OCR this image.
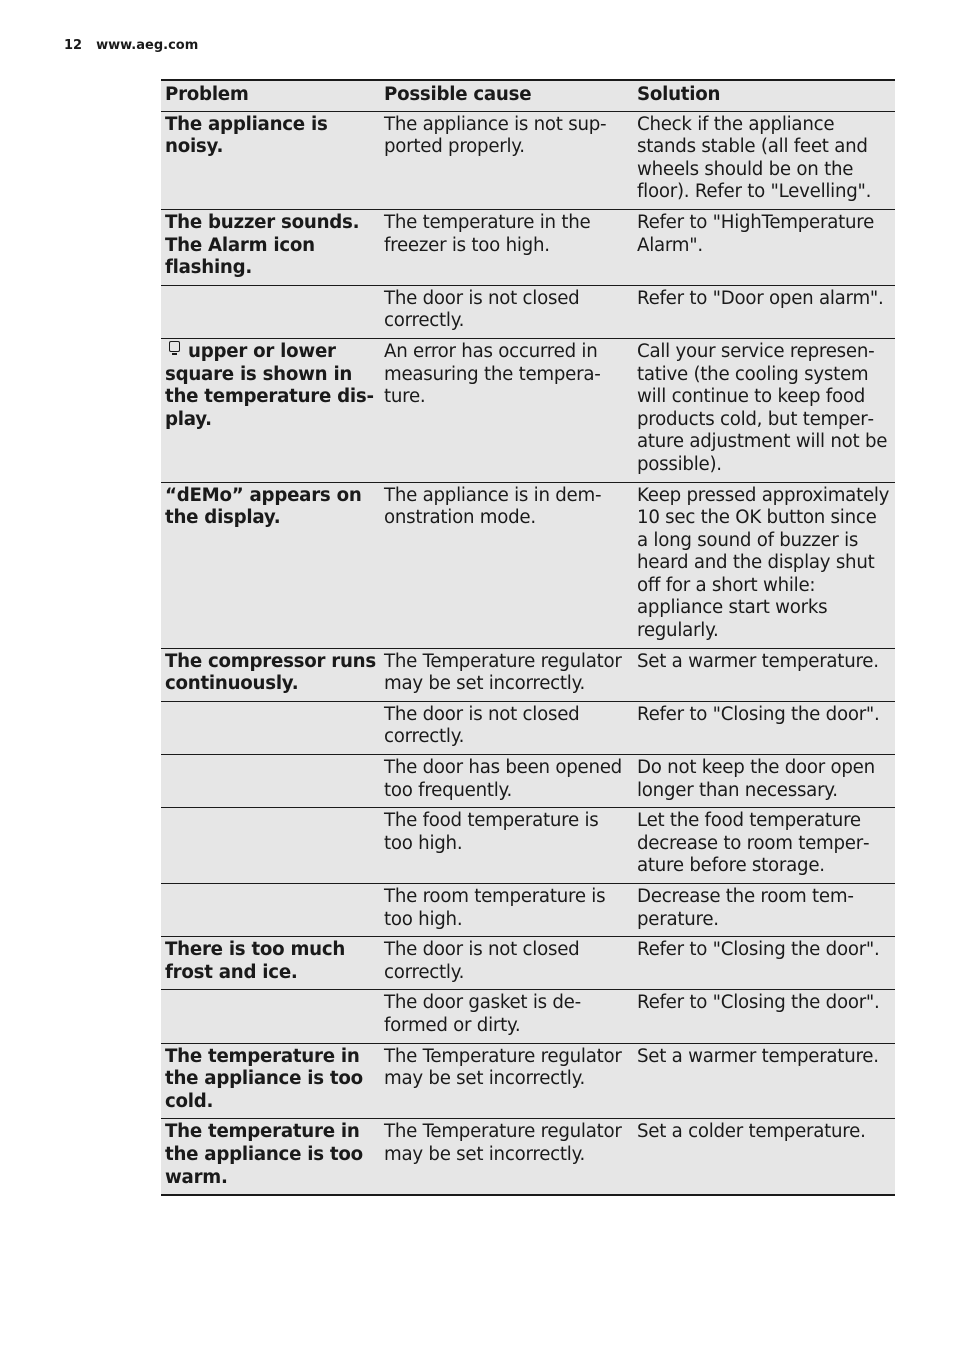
12 www.aeg.com
Problem	Possible cause	Solution
The appliance is noisy.	The appliance is not supported properly.	Check if the appliance stands stable (all feet and wheels should be on the floor). Refer to "Levelling".
The buzzer sounds. The Alarm icon flashing.	The temperature in the freezer is too high.	Refer to "HighTemperature Alarm".
	The door is not closed correctly.	Refer to "Door open alarm".
upper or lower square is shown in the temperature display.	An error has occurred in measuring the temperature.	Call your service representative (the cooling system will continue to keep food products cold, but temperature adjustment will not be possible).
“dEMo” appears on the display.	The appliance is in demonstration mode.	Keep pressed approximately 10 sec the OK button since a long sound of buzzer is heard and the display shut off for a short while: appliance start works regularly.
The compressor runs continuously.	The Temperature regulator may be set incorrectly.	Set a warmer temperature.
	The door is not closed correctly.	Refer to "Closing the door".
	The door has been opened too frequently.	Do not keep the door open longer than necessary.
	The food temperature is too high.	Let the food temperature decrease to room temperature before storage.
	The room temperature is too high.	Decrease the room temperature.
There is too much frost and ice.	The door is not closed correctly.	Refer to "Closing the door".
	The door gasket is deformed or dirty.	Refer to "Closing the door".
The temperature in the appliance is too cold.	The Temperature regulator may be set incorrectly.	Set a warmer temperature.
The temperature in the appliance is too warm.	The Temperature regulator may be set incorrectly.	Set a colder temperature.
